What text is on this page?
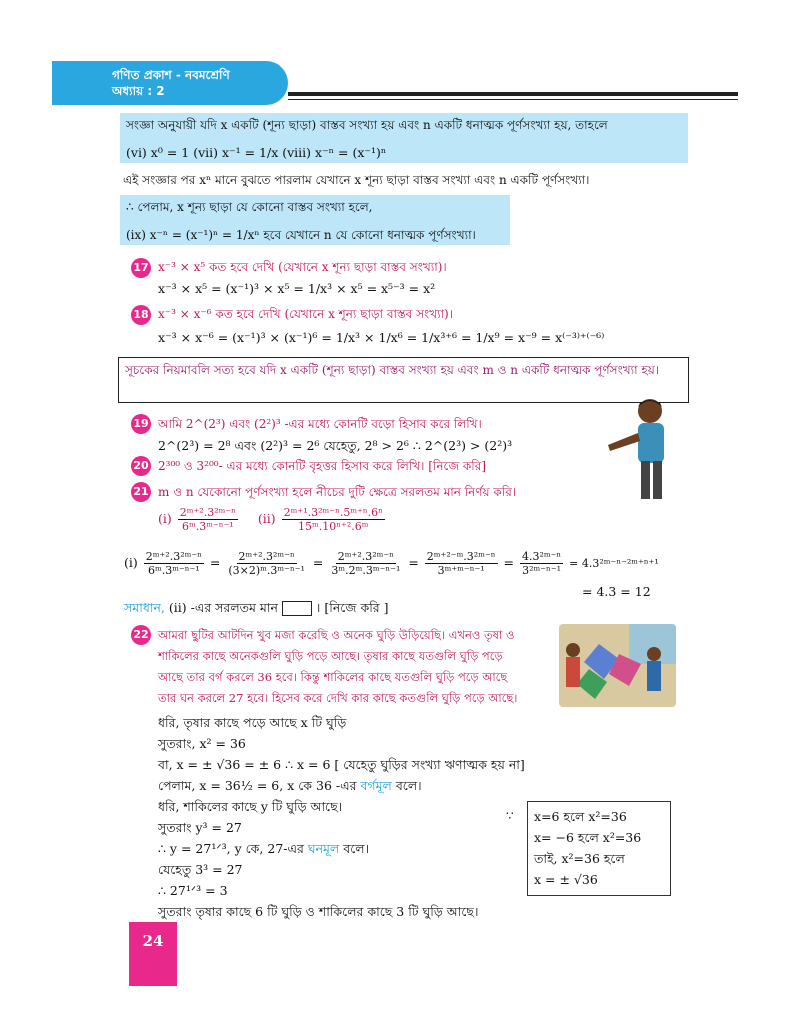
গণিত প্রকাশ - নবমশ্রেণি
অধ্যায় : 2
সংজ্ঞা অনুযায়ী যদি x একটি (শূন্য ছাড়া) বাস্তব সংখ্যা হয় এবং n একটি ধনাত্মক পূর্ণসংখ্যা হয়, তাহলে
(vi) x⁰ = 1 (vii) x⁻¹ = 1/x (viii) x⁻ⁿ = (x⁻¹)ⁿ
এই সংজ্ঞার পর xⁿ মানে বুঝতে পারলাম যেখানে x শূন্য ছাড়া বাস্তব সংখ্যা এবং n একটি পূর্ণসংখ্যা।
∴ পেলাম, x শূন্য ছাড়া যে কোনো বাস্তব সংখ্যা হলে,
(ix) x⁻ⁿ = (x⁻¹)ⁿ = 1/xⁿ হবে যেখানে n যে কোনো ধনাত্মক পূর্ণসংখ্যা।
17 x⁻³ × x⁵ কত হবে দেখি (যেখানে x শূন্য ছাড়া বাস্তব সংখ্যা)।
x⁻³ × x⁵ = (x⁻¹)³ × x⁵ = 1/x³ × x⁵ = x⁵⁻³ = x²
18 x⁻³ × x⁻⁶ কত হবে দেখি (যেখানে x শূন্য ছাড়া বাস্তব সংখ্যা)।
x⁻³ × x⁻⁶ = (x⁻¹)³ × (x⁻¹)⁶ = 1/x³ × 1/x⁶ = 1/x³⁺⁶ = 1/x⁹ = x⁻⁹ = x⁽⁻³⁾⁺⁽⁻⁶⁾
সূচকের নিয়মাবলি সত্য হবে যদি x একটি (শূন্য ছাড়া) বাস্তব সংখ্যা হয় এবং m ও n একটি ধনাত্মক পূর্ণসংখ্যা হয়।
19 আমি 2^(2³) এবং (2²)³ -এর মধ্যে কোনটি বড়ো হিসাব করে লিখি।
2^(2³) = 2⁸ এবং (2²)³ = 2⁶ যেহেতু, 2⁸ > 2⁶ ∴ 2^(2³) > (2²)³
20 2³⁰⁰ ও 3²⁰⁰- এর মধ্যে কোনটি বৃহত্তর হিসাব করে লিখি। [নিজে করি]
21 m ও n যেকোনো পূর্ণসংখ্যা হলে নীচের দুটি ক্ষেত্রে সরলতম মান নির্ণয় করি।
$(i) \frac{\text{2ᵐ⁺².3²ᵐ⁻ⁿ}}{\text{6ᵐ.3ᵐ⁻ⁿ⁻¹}} (ii) \frac{\text{2ᵐ⁺¹.3²ᵐ⁻ⁿ.5ᵐ⁺ⁿ.6ⁿ}}{\text{15ᵐ.10ⁿ⁺².6ᵐ}}$
$(i) \frac{\text{2ᵐ⁺².3²ᵐ⁻ⁿ}}{\text{6ᵐ.3ᵐ⁻ⁿ⁻¹}} = \frac{\text{2ᵐ⁺².3²ᵐ⁻ⁿ}}{\text{(3×2)ᵐ.3ᵐ⁻ⁿ⁻¹}} = \frac{\text{2ᵐ⁺².3²ᵐ⁻ⁿ}}{\text{3ᵐ.2ᵐ.3ᵐ⁻ⁿ⁻¹}} = \frac{\text{2ᵐ⁺²⁻ᵐ.3²ᵐ⁻ⁿ}}{\text{3ᵐ⁺ᵐ⁻ⁿ⁻¹}} = \frac{\text{4.3²ᵐ⁻ⁿ}}{\text{3²ᵐ⁻ⁿ⁻¹}}$ = 4.3²ᵐ⁻ⁿ⁻²ᵐ⁺ⁿ⁺¹
= 4.3 = 12
সমাধান, (ii) -এর সরলতম মান	। [নিজে করি ]
22 আমরা ছুটির আটদিন খুব মজা করেছি ও অনেক ঘুড়ি উড়িয়েছি। এখনও তৃষা ও
শাকিলের কাছে অনেকগুলি ঘুড়ি পড়ে আছে। তৃষার কাছে যতগুলি ঘুড়ি পড়ে
আছে তার বর্গ করলে 36 হবে। কিন্তু শাকিলের কাছে যতগুলি ঘুড়ি পড়ে আছে
তার ঘন করলে 27 হবে। হিসেব করে দেখি কার কাছে কতগুলি ঘুড়ি পড়ে আছে।
ধরি, তৃষার কাছে পড়ে আছে x টি ঘুড়ি
সুতরাং, x² = 36
বা, x = ± √36 = ± 6 ∴ x = 6 [ যেহেতু ঘুড়ির সংখ্যা ঋণাত্মক হয় না]
পেলাম, x = 36½ = 6, x কে 36 -এর বর্গমূল বলে।
ধরি, শাকিলের কাছে y টি ঘুড়ি আছে।
সুতরাং y³ = 27
∴ y = 27¹ᐟ³, y কে, 27-এর ঘনমূল বলে।
যেহেতু 3³ = 27
∴ 27¹ᐟ³ = 3
সুতরাং তৃষার কাছে 6 টি ঘুড়ি ও শাকিলের কাছে 3 টি ঘুড়ি আছে।
∵ x=6 হলে x²=36
x= −6 হলে x²=36
তাই, x²=36 হলে
x = ± √36
24
